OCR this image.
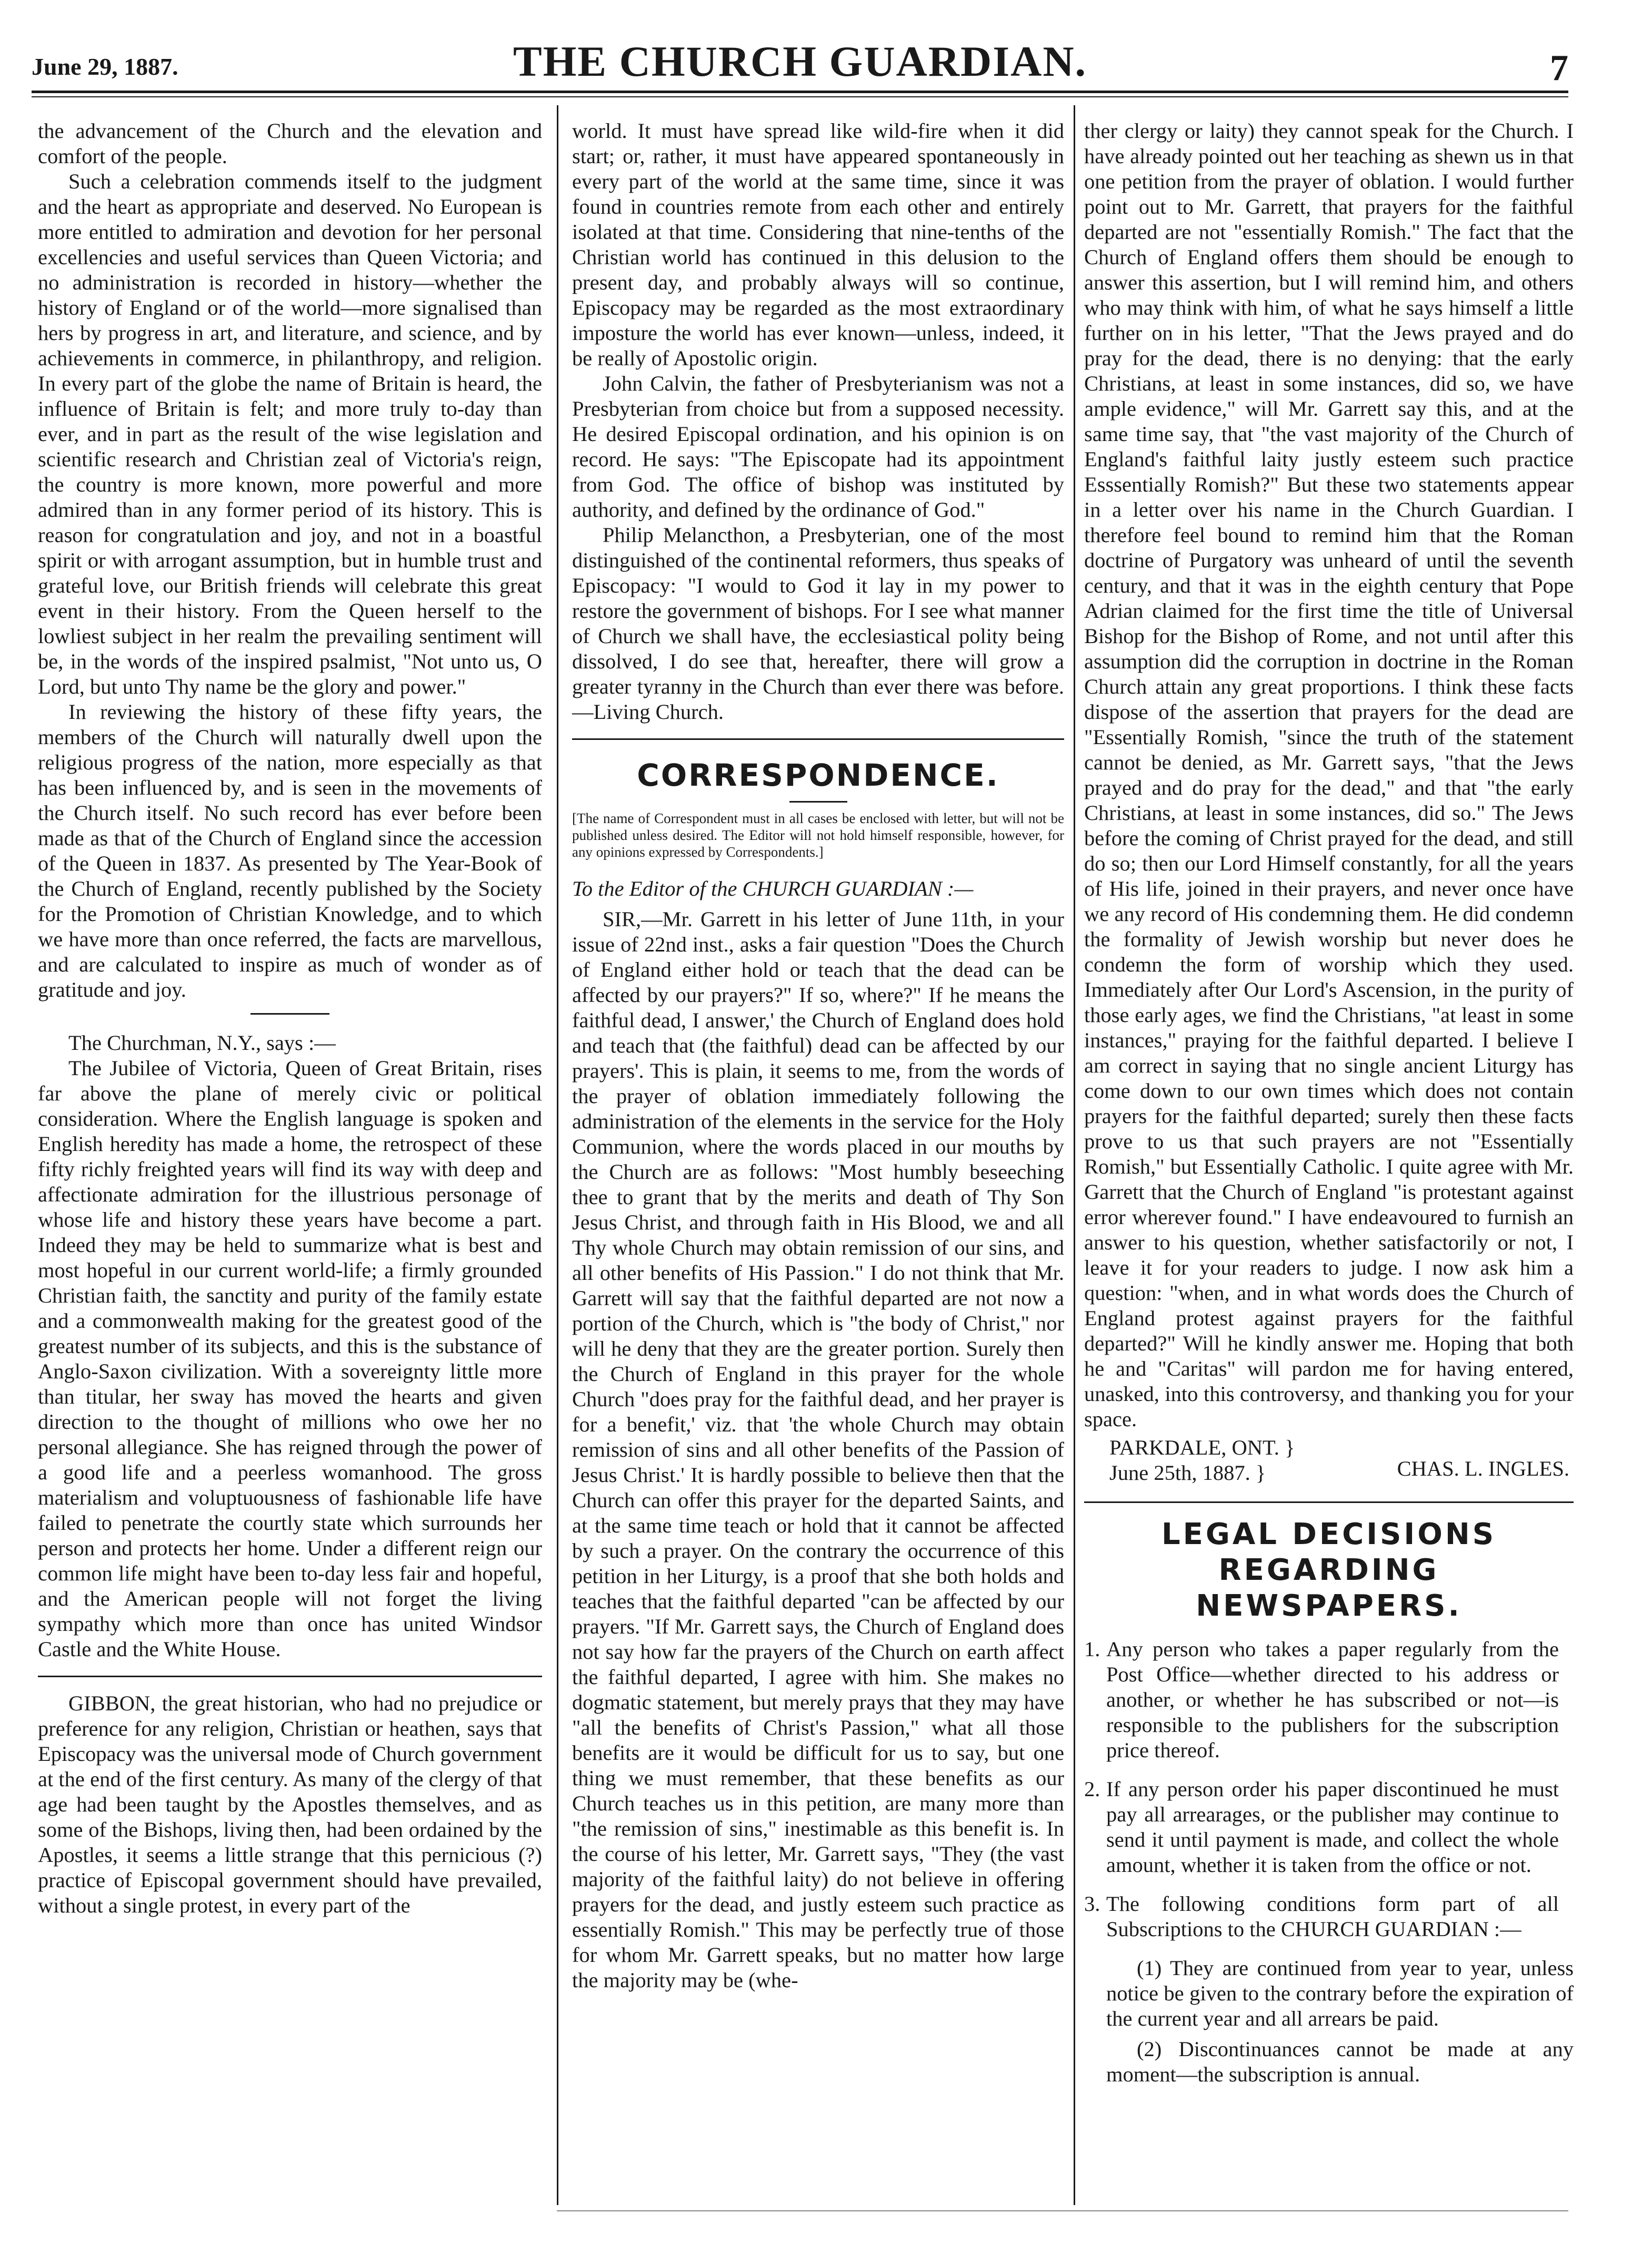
June 29, 1887.	THE CHURCH GUARDIAN.	7

the advancement of the Church and the elevation and comfort of the people.

Such a celebration commends itself to the judgment and the heart as appropriate and deserved. No European is more entitled to admiration and devotion for her personal excellencies and useful services than Queen Victoria; and no administration is recorded in history—whether the history of England or of the world—more signalised than hers by progress in art, and literature, and science, and by achievements in commerce, in philanthropy, and religion. In every part of the globe the name of Britain is heard, the influence of Britain is felt; and more truly to-day than ever, and in part as the result of the wise legislation and scientific research and Christian zeal of Victoria's reign, the country is more known, more powerful and more admired than in any former period of its history. This is reason for congratulation and joy, and not in a boastful spirit or with arrogant assumption, but in humble trust and grateful love, our British friends will celebrate this great event in their history. From the Queen herself to the lowliest subject in her realm the prevailing sentiment will be, in the words of the inspired psalmist, "Not unto us, O Lord, but unto Thy name be the glory and power."

In reviewing the history of these fifty years, the members of the Church will naturally dwell upon the religious progress of the nation, more especially as that has been influenced by, and is seen in the movements of the Church itself. No such record has ever before been made as that of the Church of England since the accession of the Queen in 1837. As presented by The Year-Book of the Church of England, recently published by the Society for the Promotion of Christian Knowledge, and to which we have more than once referred, the facts are marvellous, and are calculated to inspire as much of wonder as of gratitude and joy.

The Churchman, N.Y., says :—

The Jubilee of Victoria, Queen of Great Britain, rises far above the plane of merely civic or political consideration. Where the English language is spoken and English heredity has made a home, the retrospect of these fifty richly freighted years will find its way with deep and affectionate admiration for the illustrious personage of whose life and history these years have become a part. Indeed they may be held to summarize what is best and most hopeful in our current world-life; a firmly grounded Christian faith, the sanctity and purity of the family estate and a commonwealth making for the greatest good of the greatest number of its subjects, and this is the substance of Anglo-Saxon civilization. With a sovereignty little more than titular, her sway has moved the hearts and given direction to the thought of millions who owe her no personal allegiance. She has reigned through the power of a good life and a peerless womanhood. The gross materialism and voluptuousness of fashionable life have failed to penetrate the courtly state which surrounds her person and protects her home. Under a different reign our common life might have been to-day less fair and hopeful, and the American people will not forget the living sympathy which more than once has united Windsor Castle and the White House.

GIBBON, the great historian, who had no prejudice or preference for any religion, Christian or heathen, says that Episcopacy was the universal mode of Church government at the end of the first century. As many of the clergy of that age had been taught by the Apostles themselves, and as some of the Bishops, living then, had been ordained by the Apostles, it seems a little strange that this pernicious (?) practice of Episcopal government should have prevailed, without a single protest, in every part of the

world. It must have spread like wild-fire when it did start; or, rather, it must have appeared spontaneously in every part of the world at the same time, since it was found in countries remote from each other and entirely isolated at that time. Considering that nine-tenths of the Christian world has continued in this delusion to the present day, and probably always will so continue, Episcopacy may be regarded as the most extraordinary imposture the world has ever known—unless, indeed, it be really of Apostolic origin.

John Calvin, the father of Presbyterianism was not a Presbyterian from choice but from a supposed necessity. He desired Episcopal ordination, and his opinion is on record. He says: "The Episcopate had its appointment from God. The office of bishop was instituted by authority, and defined by the ordinance of God."

Philip Melancthon, a Presbyterian, one of the most distinguished of the continental reformers, thus speaks of Episcopacy: "I would to God it lay in my power to restore the government of bishops. For I see what manner of Church we shall have, the ecclesiastical polity being dissolved, I do see that, hereafter, there will grow a greater tyranny in the Church than ever there was before.—Living Church.

CORRESPONDENCE.
[The name of Correspondent must in all cases be enclosed with letter, but will not be published unless desired. The Editor will not hold himself responsible, however, for any opinions expressed by Correspondents.]

To the Editor of the CHURCH GUARDIAN :—

SIR,—Mr. Garrett in his letter of June 11th, in your issue of 22nd inst., asks a fair question "Does the Church of England either hold or teach that the dead can be affected by our prayers?" If so, where?" If he means the faithful dead, I answer,' the Church of England does hold and teach that (the faithful) dead can be affected by our prayers'. This is plain, it seems to me, from the words of the prayer of oblation immediately following the administration of the elements in the service for the Holy Communion, where the words placed in our mouths by the Church are as follows: "Most humbly beseeching thee to grant that by the merits and death of Thy Son Jesus Christ, and through faith in His Blood, we and all Thy whole Church may obtain remission of our sins, and all other benefits of His Passion." I do not think that Mr. Garrett will say that the faithful departed are not now a portion of the Church, which is "the body of Christ," nor will he deny that they are the greater portion. Surely then the Church of England in this prayer for the whole Church "does pray for the faithful dead, and her prayer is for a benefit,' viz. that 'the whole Church may obtain remission of sins and all other benefits of the Passion of Jesus Christ.' It is hardly possible to believe then that the Church can offer this prayer for the departed Saints, and at the same time teach or hold that it cannot be affected by such a prayer. On the contrary the occurrence of this petition in her Liturgy, is a proof that she both holds and teaches that the faithful departed "can be affected by our prayers. "If Mr. Garrett says, the Church of England does not say how far the prayers of the Church on earth affect the faithful departed, I agree with him. She makes no dogmatic statement, but merely prays that they may have "all the benefits of Christ's Passion," what all those benefits are it would be difficult for us to say, but one thing we must remember, that these benefits as our Church teaches us in this petition, are many more than "the remission of sins," inestimable as this benefit is. In the course of his letter, Mr. Garrett says, "They (the vast majority of the faithful laity) do not believe in offering prayers for the dead, and justly esteem such practice as essentially Romish." This may be perfectly true of those for whom Mr. Garrett speaks, but no matter how large the majority may be (whe-

ther clergy or laity) they cannot speak for the Church. I have already pointed out her teaching as shewn us in that one petition from the prayer of oblation. I would further point out to Mr. Garrett, that prayers for the faithful departed are not "essentially Romish." The fact that the Church of England offers them should be enough to answer this assertion, but I will remind him, and others who may think with him, of what he says himself a little further on in his letter, "That the Jews prayed and do pray for the dead, there is no denying: that the early Christians, at least in some instances, did so, we have ample evidence," will Mr. Garrett say this, and at the same time say, that "the vast majority of the Church of England's faithful laity justly esteem such practice Esssentially Romish?" But these two statements appear in a letter over his name in the Church Guardian. I therefore feel bound to remind him that the Roman doctrine of Purgatory was unheard of until the seventh century, and that it was in the eighth century that Pope Adrian claimed for the first time the title of Universal Bishop for the Bishop of Rome, and not until after this assumption did the corruption in doctrine in the Roman Church attain any great proportions. I think these facts dispose of the assertion that prayers for the dead are "Essentially Romish, "since the truth of the statement cannot be denied, as Mr. Garrett says, "that the Jews prayed and do pray for the dead," and that "the early Christians, at least in some instances, did so." The Jews before the coming of Christ prayed for the dead, and still do so; then our Lord Himself constantly, for all the years of His life, joined in their prayers, and never once have we any record of His condemning them. He did condemn the formality of Jewish worship but never does he condemn the form of worship which they used. Immediately after Our Lord's Ascension, in the purity of those early ages, we find the Christians, "at least in some instances," praying for the faithful departed. I believe I am correct in saying that no single ancient Liturgy has come down to our own times which does not contain prayers for the faithful departed; surely then these facts prove to us that such prayers are not "Essentially Romish," but Essentially Catholic. I quite agree with Mr. Garrett that the Church of England "is protestant against error wherever found." I have endeavoured to furnish an answer to his question, whether satisfactorily or not, I leave it for your readers to judge. I now ask him a question: "when, and in what words does the Church of England protest against prayers for the faithful departed?" Will he kindly answer me. Hoping that both he and "Caritas" will pardon me for having entered, unasked, into this controversy, and thanking you for your space.

PARKDALE, ONT. }
June 25th, 1887. }	CHAS. L. INGLES.
LEGAL DECISIONS REGARDING
NEWSPAPERS.
1. Any person who takes a paper regularly from the Post Office—whether directed to his address or another, or whether he has subscribed or not—is responsible to the publishers for the subscription price thereof.
2. If any person order his paper discontinued he must pay all arrearages, or the publisher may continue to send it until payment is made, and collect the whole amount, whether it is taken from the office or not.
3. The following conditions form part of all Subscriptions to the CHURCH GUARDIAN :—

(1) They are continued from year to year, unless notice be given to the contrary before the expiration of the current year and all arrears be paid.

(2) Discontinuances cannot be made at any moment—the subscription is annual.
